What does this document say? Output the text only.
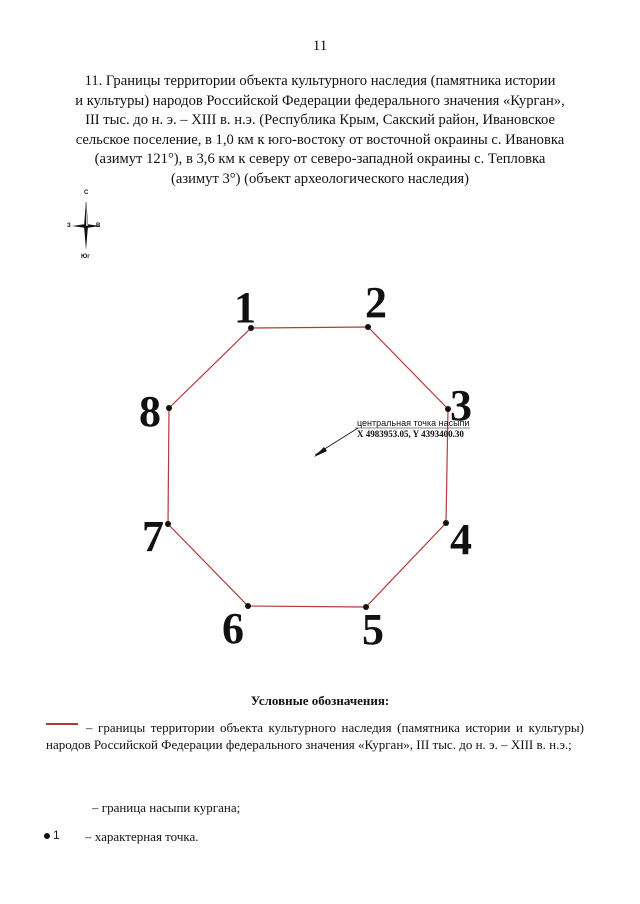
11
11. Границы территории объекта культурного наследия (памятника истории
и культуры) народов Российской Федерации федерального значения «Курган»,
III тыс. до н. э. – XIII в. н.э. (Республика Крым, Сакский район, Ивановское
сельское поселение, в 1,0 км к юго-востоку от восточной окраины с. Ивановка
(азимут 121°), в 3,6 км к северу от северо-западной окраины с. Тепловка
(азимут 3°) (объект археологического наследия)
С
З	В
Юг
1 2
3
4
5
6
7
8	центральная точка насыпи
X 4983953.05, Y 4393400.30
Условные обозначения:
– границы территории объекта культурного наследия (памятника истории и культуры) народов Российской Федерации федерального значения «Курган», III тыс. до н. э. – XIII в. н.э.;
– граница насыпи кургана;
1 – характерная точка.
